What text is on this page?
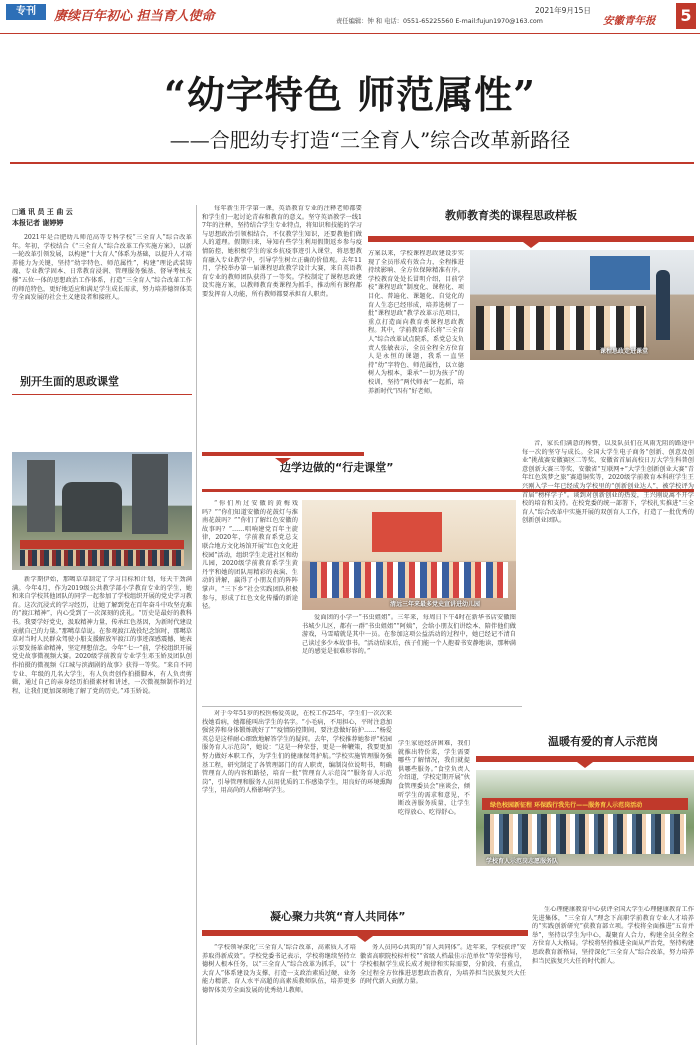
专刊	赓续百年初心 担当育人使命	责任编辑：钟 和 电话：0551-65225560 E-mail:fujun1970@163.com
2021年9月15日
安徽青年报 5
“幼字特色 师范属性”
——合肥幼专打造“三全育人”综合改革新路径
□通 讯 员 王 曲 云
本报记者 谢婷婷
2021年是合肥幼儿师范高等专科学校“三全育人”综合改革年。年初，学校结合《“三全育人”综合改革工作实施方案》，以新一轮改革引领发展，以构建“十大育人”体系为基础，以提升人才培养能力为关键，坚持“幼字特色、师范属性”，构建“理论武装铸魂、专业教学固本、日常教育浸润、管理服务强基、督导考核支撑”五位一体的思想政治工作体系，打造“三全育人”综合改革工作的师范特色，更好地适应和满足学生成长需求，努力培养德智体美劳全面发展的社会主义建设者和接班人。
别开生面的思政课堂
新学期伊始，那噶草草制定了学习目标和计划，每天干劲满满。今年4月，作为2019级公共教学部小学教育专业的学生，她和来自学校其他团队的同学一起参加了学校组织开展的党史学习教育。这次沉浸式的学习经历，让她了解到党在百年奋斗中攻坚克难的“渡江精神”，内心受到了一次深刻的洗礼。“历史是最好的教科书。我要学好党史，汲取精神力量，传承红色基因，为新时代建设贡献自己的力量。”那噶草草说。在参观渡江战役纪念馆时，那噶草草对当时人民群众驾驶小船支援解放军渡江的事迹深感震撼，她表示要发扬革命精神，坚定理想信念。今年“七一”前，学校组织开展党史故事微视频大赛。2020级学前教育专业学生邓玉娇及团队创作拍摄的微视频《江城与滨湖剧的故事》获得一等奖。“来自不同专业、年级的几名大学生，有人负责创作拍摄脚本，有人负责剪辑，通过自己的亲身经历拍摄素材和讲述，一次微视频制作的过程，让我们更加深刻地了解了党的历史。”邓玉娇说。
每年新生开学第一课，英语教育专业的注释老师都要和学生们一起讨论青春和教育的意义。坚守英语教学一线17年的注释，坚持结合学生专业特点，将知识和技能的学习与思想政治引领相结合，不仅教学生知识，还要教他们做人的道理。假期归来，导知有些学生利用假期返乡参与疫情防控，她积极学生的家乡抗疫事迹引入课堂，将思想教育融入专业教学中，引导学生树立正确的价值观。去年11月，学校举办第一届课程思政教学设计大赛，来自英语教育专业的教师团队获得了一等奖。学校制定了课程思政建设实施方案，以教师教育类课程为抓手，推动所有课程都要发挥育人功能，所有教师都要承担育人职责。
教师教育类的课程思政样板
方案以来，学校课程思政建设步实现了全员形成有效合力，全程推进持续影响、全方位保障精准有序。学校教育处处长冒明介绍，目前学校“课程思政”制度化、课程化、项目化、普遍化、课题化、自觉化的育人生态已经形成，培养选树了一批“课程思政”教学改革示范项目，重点打造面向教育类课程思政教程。其中，学前教育系长将“三全育人”综合改革试点院系，系党总支负责人张敏表示，全员全程全方位育人是永恒的课题，我系一直坚持“幼”字特色、师范属性，以立德树人为根本，秉承“一切为孩子”的校训，坚持“两代师表”一起抓，培养新时代“四有”好老师。
课程思政走进课堂
边学边做的“行走课堂”
“你们所过安徽的黄梅戏吗？”“你们知道安徽的花鼓灯与淮南花鼓吗？”“你们了解红色安徽的故事吗？”……唱响建党百年主旋律，2020年，学前教育系党总支联合地方文化场馆开展“红色文化进校园”活动，组织学生走进社区和幼儿园，2020级学前教育系学生黄丹宇和她的团队用精彩的表演、生动的讲解，赢得了小朋友们的阵阵掌声。“三下乡”社会实践团队积极参与，形成了红色文化传播的新途径。	清远三年来最多党史宣讲进幼儿园
爱面团的小学一“书虫姐姐”。三年来，每周日下午4时在新华书店安徽图书城少儿区，都有一群“书虫姐姐”“阿姨”，会给小朋友们讲绘本、陪伴他们做游戏，马雪晴就是其中一员。在参加这项公益活动的过程中，她已经记不清自己读过多少本故事书。“活动结束后，孩子们能一个人抱着书安静地读，那种满足的感觉是很难形容的。”
音，家长们满意的称赞，以及队员们在风雨无阻的路途中每一次的坚守与成长。全国大学生电子商务“创新、创意及创业”挑战赛安徽赛区二等奖、安徽省首届高校日万大学生科普创意创新大赛三等奖、安徽省“互联网+”大学生创新创业大赛“青年红色筑梦之旅”赛道铜奖等，2020级学前教育本科班学生王兴刚入学一年已经成为学校里的“创新创业达人”，被学校评为首届“榜样学子”。谈到对创新创业的热爱，王兴刚说离不开学校的培育和支持。在校党委的统一部署下，学校扎实推进“三全育人”综合改革中实施开展的双创育人工作，打造了一批优秀的创新创业团队。
对于今年51岁的校医杨爱英说，在校工作25年，学生们一次次来找她看病，她都能叫出学生的名字。“小毛病，不用担心，平时注意加强营养和身体锻炼就好了”“疫情防控期间，要注意做好防护……”杨爱英总是这样耐心细致地解答学生的疑问。去年，学校推荐她参评“校园服务育人示范岗”，她说：“这是一种荣誉，更是一种鞭策，我要更加努力做好本职工作，为学生们的健康保驾护航。”学校实施管理服务强基工程，研究制定了各管理部门的育人职责，编制岗位说明书，明确管理育人的内容和路径，培育一批“管理育人示范岗”“服务育人示范岗”，引导管理和服务人员用优质的工作感染学生，用良好的环境熏陶学生，用高尚的人格影响学生。
学生家庭经济困难，我们就推出特价菜，学生需要哪些了解情况，我们就提供哪些服务。”食堂负责人介绍道，学校定期开展“伙食管理委员会”座谈会，倾听学生的需求和意见，不断改善服务质量，让学生吃得放心、吃得舒心。
温暖有爱的育人示范岗
绿色校园新征程 环保践行我先行——服务育人示范岗活动
学校育人示范岗志愿服务队
凝心聚力共筑“育人共同体”
“学校领导深化‘三全育人’综合改革，高素质人才培养取得新成效”。学校党委书记表示，学校将继续坚持立德树人根本任务，以“三全育人”综合改革为抓手，以“十大育人”体系建设为支撑，打造一支政治素质过硬、业务能力精湛、育人水平高超的高素质教师队伍，培养更多德智体美劳全面发展的优秀幼儿教师。
务人员同心共筑的“育人共同体”。近年来，学校获评“安徽省高职院校标杆校”“省级人档最佳示范单位”等荣誉称号，学校根据学生成长成才规律和实际需要，分阶段、有重点，全过程全方位推进思想政治教育，为培养担当民族复兴大任的时代新人贡献力量。
生心理健康教育中心获评全国大学生心理健康教育工作先进集体，“三全育人”理念下高职学前教育专业人才培养的“实践创新研究”获教育部立项。学校将全面推进“五育并举”，坚持以学生为中心，凝聚育人合力，构建全员全程全方位育人大格局。学校将坚持推进全面从严治党，坚持构建思政教育新格局，坚持深化“三全育人”综合改革，努力培养担当民族复兴大任的时代新人。
